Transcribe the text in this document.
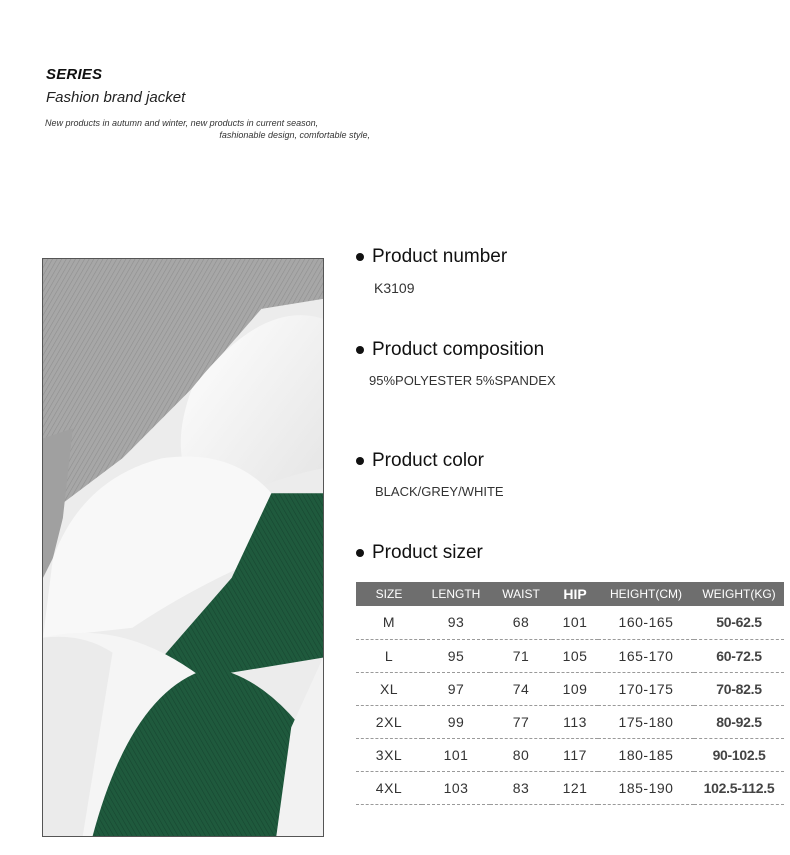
SERIES
Fashion brand jacket
New products in autumn and winter, new products in current season,
fashionable design, comfortable style,
Product number
K3109
Product composition
95%POLYESTER 5%SPANDEX
Product color
BLACK/GREY/WHITE
Product sizer
SIZE	LENGTH	WAIST	HIP	HEIGHT(CM)	WEIGHT(KG)
M	93	68	101	160-165	50-62.5
L	95	71	105	165-170	60-72.5
XL	97	74	109	170-175	70-82.5
2XL	99	77	113	175-180	80-92.5
3XL	101	80	117	180-185	90-102.5
4XL	103	83	121	185-190	102.5-112.5
